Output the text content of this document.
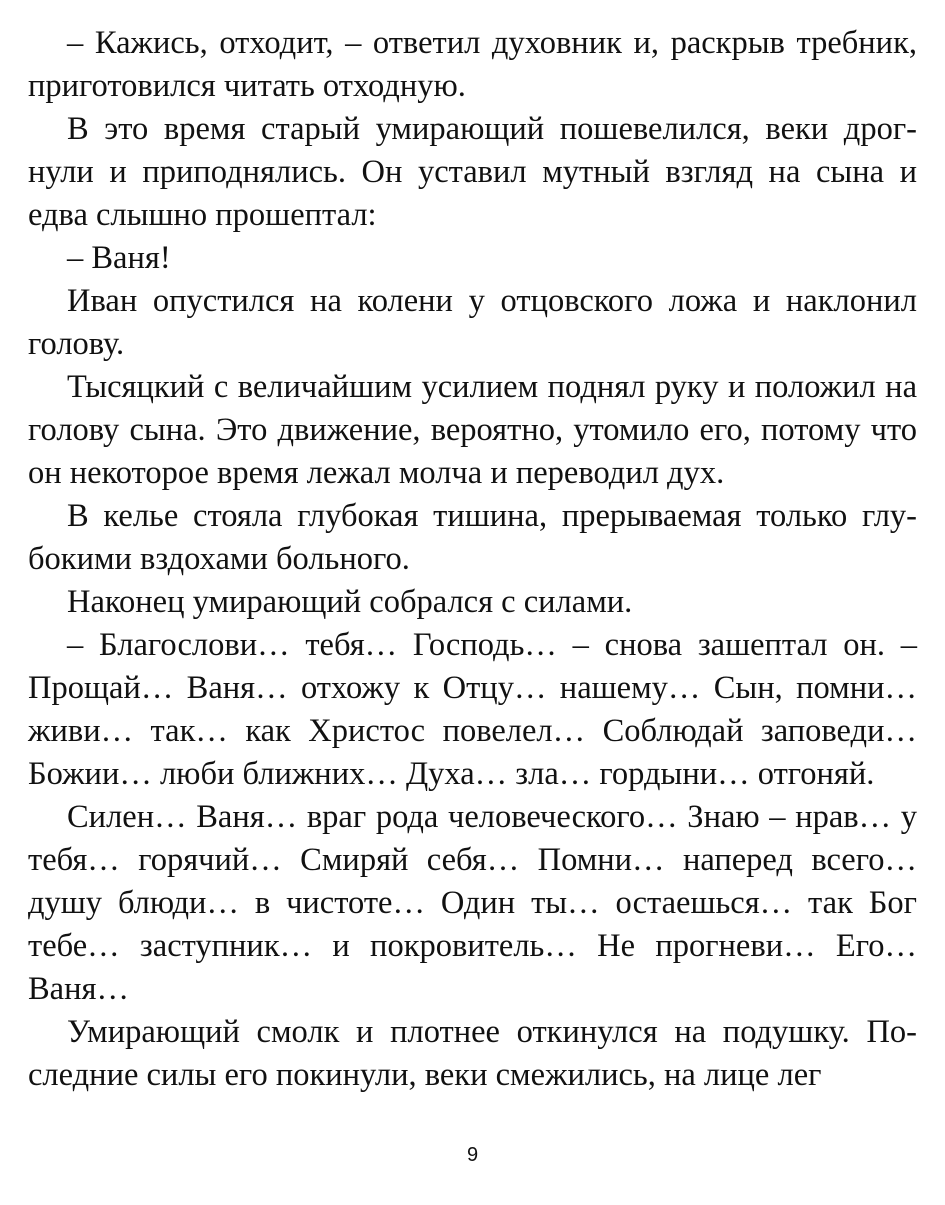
– Кажись, отходит, – ответил духовник и, раскрыв требник, приготовился читать отходную.

В это время старый умирающий пошевелился, веки дрогнули и приподнялись. Он уставил мутный взгляд на сына и едва слышно прошептал:

– Ваня!

Иван опустился на колени у отцовского ложа и наклонил голову.

Тысяцкий с величайшим усилием поднял руку и положил на голову сына. Это движение, вероятно, утомило его, потому что он некоторое время лежал молча и переводил дух.

В келье стояла глубокая тишина, прерываемая только глубокими вздохами больного.

Наконец умирающий собрался с силами.

– Благослови… тебя… Господь… – снова зашептал он. – Прощай… Ваня… отхожу к Отцу… нашему… Сын, помни… живи… так… как Христос повелел… Соблюдай заповеди… Божии… люби ближних… Духа… зла… гордыни… отгоняй.

Силен… Ваня… враг рода человеческого… Знаю – нрав… у тебя… горячий… Смиряй себя… Помни… наперед всего… душу блюди… в чистоте… Один ты… остаешься… так Бог тебе… заступник… и покровитель… Не прогневи… Его… Ваня…

Умирающий смолк и плотнее откинулся на подушку. Последние силы его покинули, веки смежились, на лице лег

9
